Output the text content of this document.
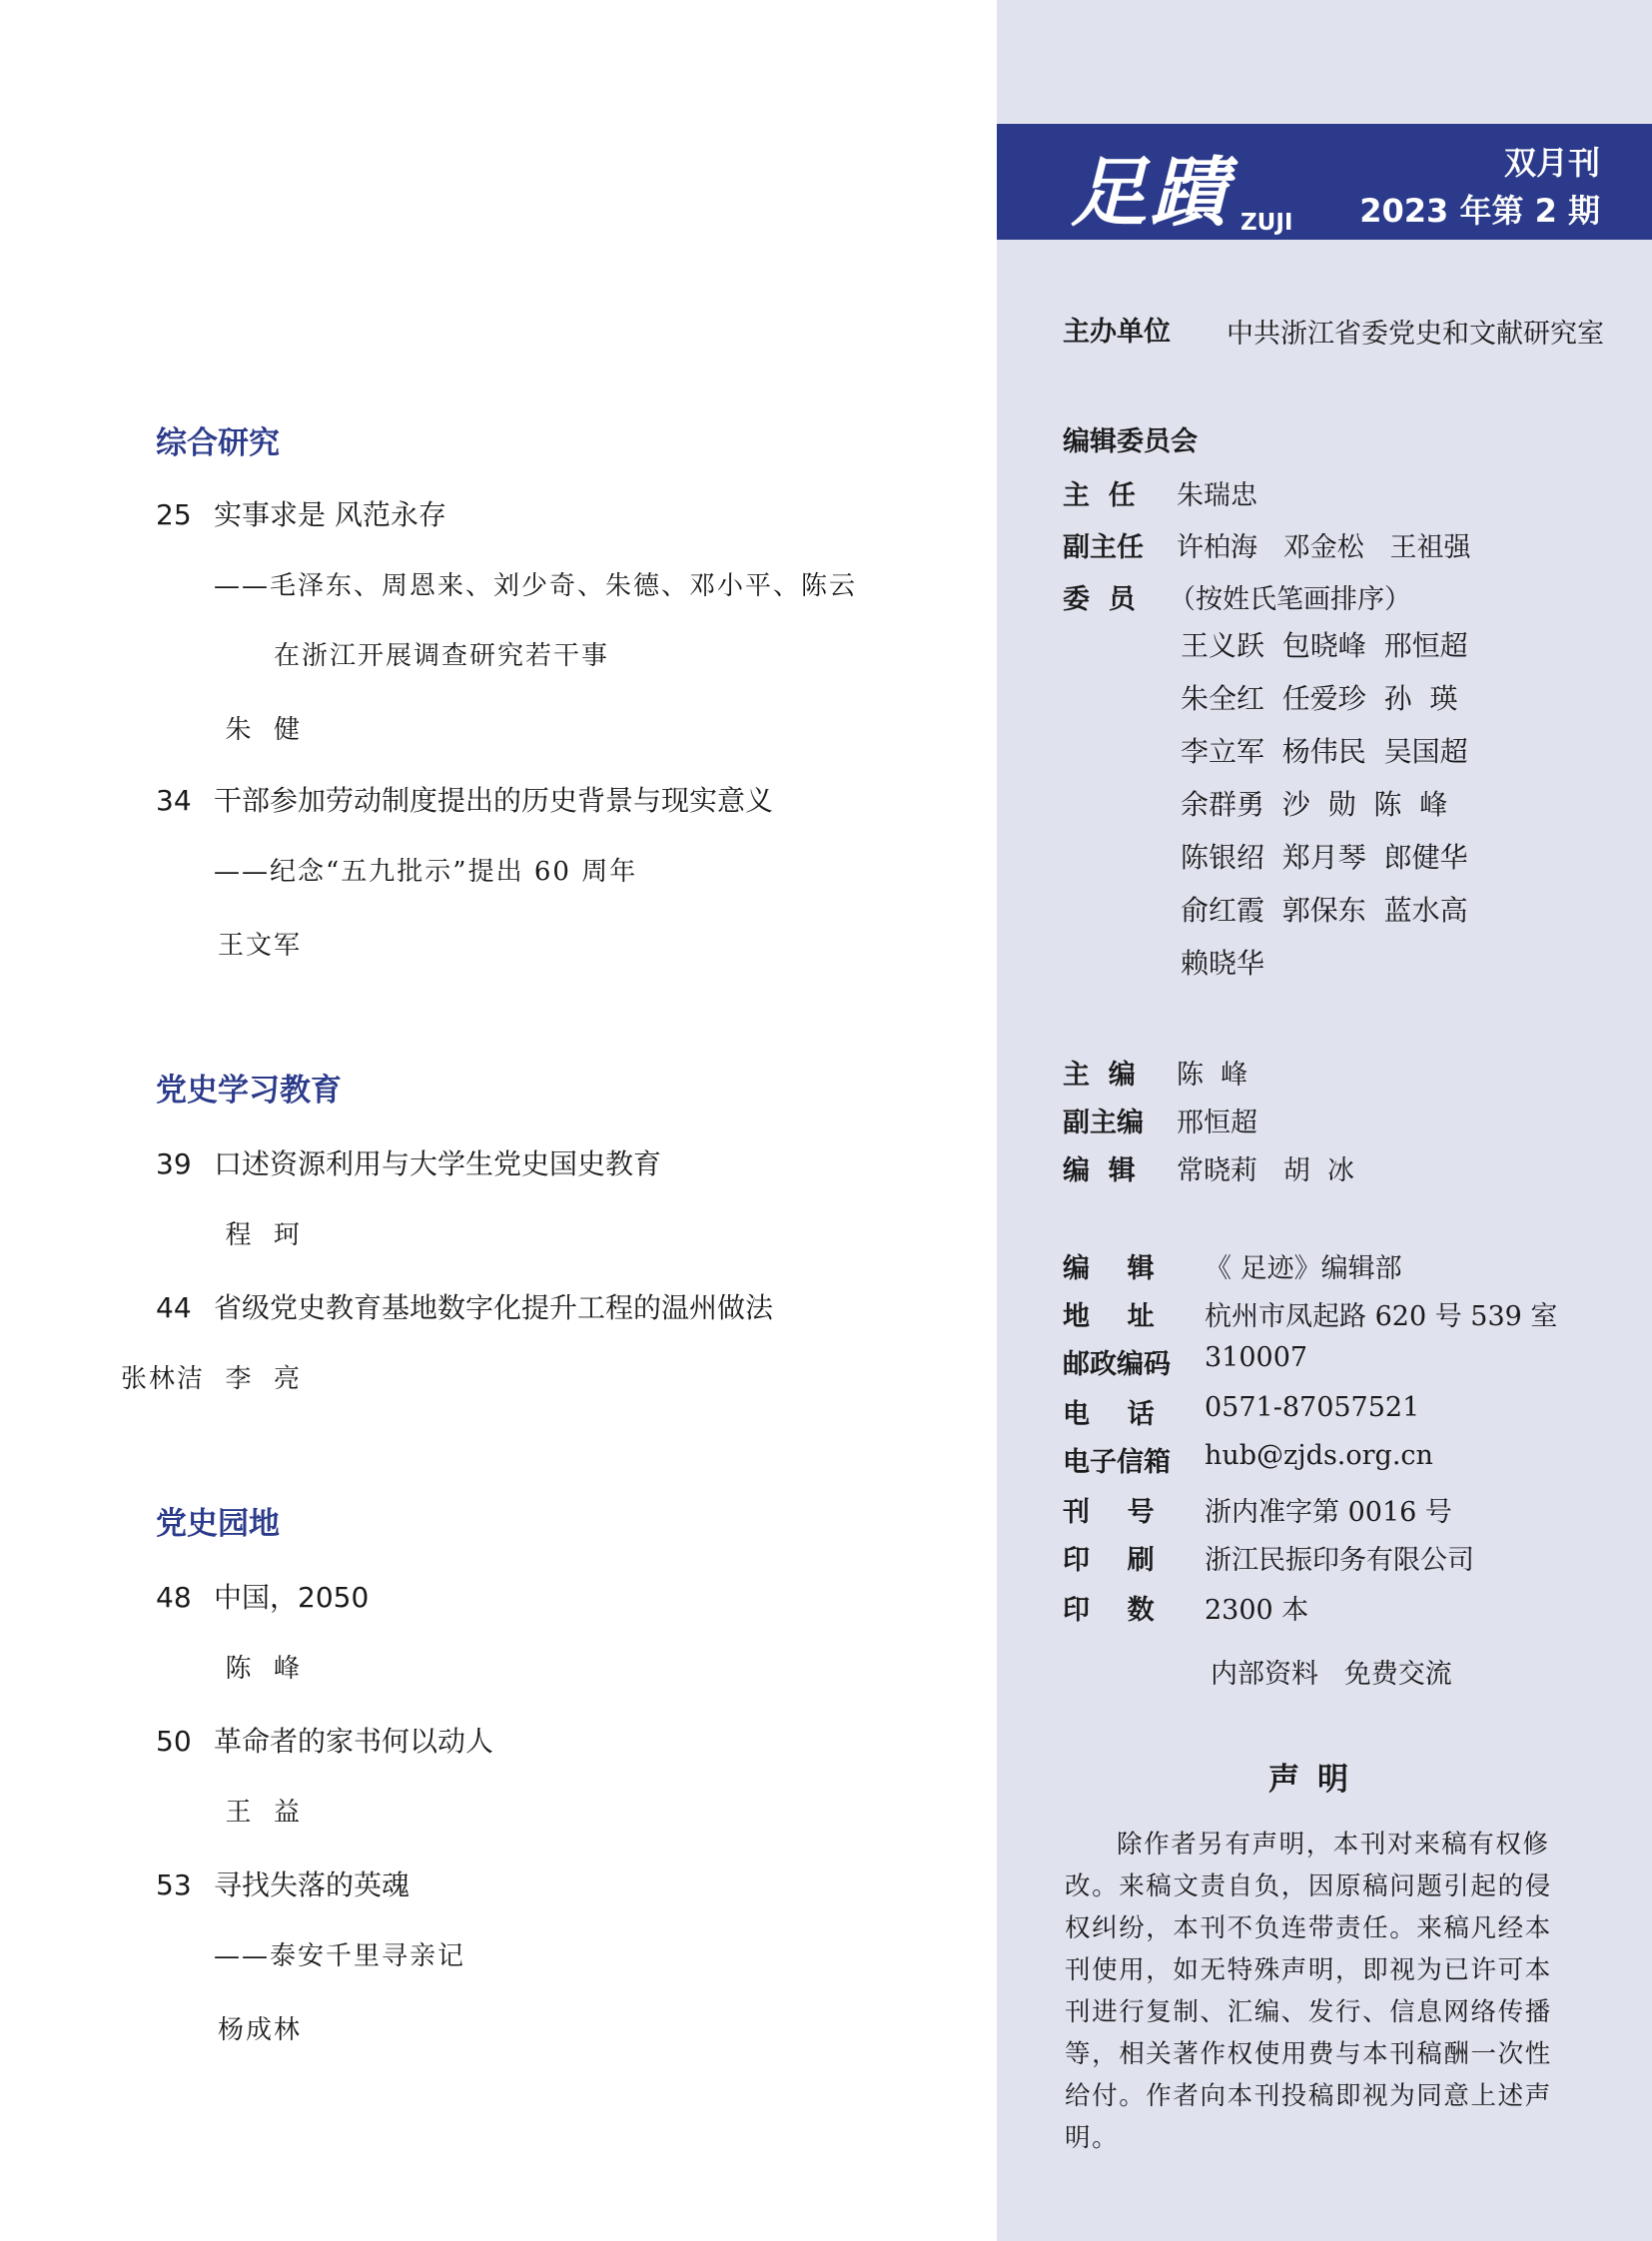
综合研究
25 实事求是 风范永存
——毛泽东、周恩来、刘少奇、朱德、邓小平、陈云
在浙江开展调查研究若干事
朱  健
34 干部参加劳动制度提出的历史背景与现实意义
——纪念“五九批示”提出 60 周年
王文军
党史学习教育
39 口述资源利用与大学生党史国史教育
程  珂
44 省级党史教育基地数字化提升工程的温州做法
张林洁  李  亮
党史园地
48 中国，2050
陈  峰
50 革命者的家书何以动人
王  益
53 寻找失落的英魂
——泰安千里寻亲记
杨成林
足蹟 ZUJI
双月刊
2023 年第 2 期
主办单位 中共浙江省委党史和文献研究室
编辑委员会
主  任 朱瑞忠
副主任 许柏海   邓金松   王祖强
委  员 （按姓氏笔画排序）
王义跃  包晓峰  邢恒超
朱全红  任爱珍  孙  瑛
李立军  杨伟民  吴国超
余群勇  沙  勋  陈  峰
陈银绍  郑月琴  郎健华
俞红霞  郭保东  蓝水高
赖晓华
主  编 陈  峰
副主编 邢恒超
编  辑 常晓莉   胡  冰
编    辑 《 足迹》编辑部
地    址 杭州市凤起路 620 号 539 室
邮政编码 310007
电    话 0571-87057521
电子信箱 hub@zjds.org.cn
刊    号 浙内准字第 0016 号
印    刷 浙江民振印务有限公司
印    数 2300 本
内部资料   免费交流
声明
除作者另有声明，本刊对来稿有权修改。来稿文责自负，因原稿问题引起的侵权纠纷，本刊不负连带责任。来稿凡经本刊使用，如无特殊声明，即视为已许可本刊进行复制、汇编、发行、信息网络传播等，相关著作权使用费与本刊稿酬一次性给付。作者向本刊投稿即视为同意上述声明。
